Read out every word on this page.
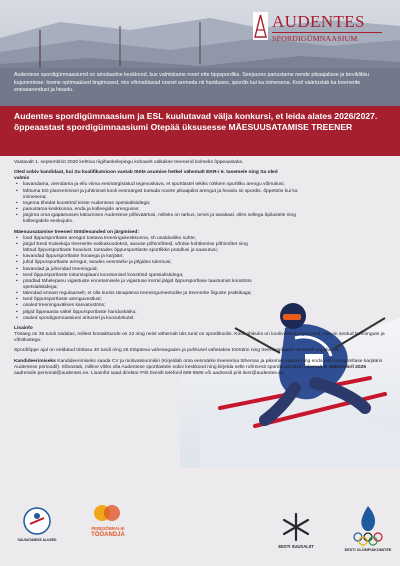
Audentese spordigümnaasiumil on ainulaadne keskkond, kus valmistame noori ette tippspordiks. Seejuures panustame nende pikaajalisse ja terviklikku kujunemisse: loome optimaalsed tingimused, mis võimaldavad noorel areneda nii hariduses, spordis kui ka inimesena. Kool väärtustab ka treenerite enesearendust ja heaolu.

AUDENTES
SPORDIGÜMNAASIUM
Audentes spordigümnaasium ja ESL kuulutavad välja konkursi, et leida alates 2026/2027. õppeaastast spordigümnaasiumi Otepää üksusesse MÄESUUSATAMISE TREENER

Vastavalt 1. septembrist 2020 kehtiva riigihankelepingu kohaselt valitakse treenerid kolmeks õppeaastaks.

Oled sobiv kandidaat, kui Su kvalifikatsioon vastab tööle asumise hetkel vähemalt EKR-i 6. tasemele ning Sa oled valmis
• kavandama, arendama ja ellu viima eesmärgistatud tegevuskava, et sportlastel tekiks rohkem sportliku arengu võimalusi;
• lähtuma töö planeerimisel ja juhtimisel kooli eesmärgist toetada noorte pikaajalist arengut ja heaolu nii spordis, õppetöös kui ka inimesena;
• tegema tihedat koostööd teiste Audentese spetsialistidega;
• panustama keskkonna, enda ja kolleegide arengusse;
• järgima oma igapäevases käitumises Audentese põhiväärtusi, milleks on tarkus, tervis ja tasakaal, olles sellega õpilastele ning kolleegidele eeskujuks.
Mäesuusatamise treeneri tööülesanded on järgmised:
• lood õppursportlaste arengut toetava treeningukeskkonna, sh usaldusliku suhte;
• järgid Eesti Kutsekoja treenerite eetikakoodeksit, aususe põhimõtteid, võrdse kohtlemise põhimõtet ning lähtud õppursportlaste heaolust, toetades õppursportlaste sportlikke püüdlusi ja saavutusi;
• kavandad õppursportlaste hooaega ja karjääri;
• juhid õppursportlaste arengut, seades eesmärke ja jälgides tulemusi;
• kavandad ja juhendad treeninguid;
• teed õppursportlaste toitumisplaani koostamisel koostööd spetsialistidega;
• püüdlad tähelepanu vigastuste ennetamisele ja vigastuse korral jälgid õppursportlase taastumist koostöös spetsialistidega;
• täiendad ennast regulaarselt, et olla kursis tänapäeva treeningumeetodite ja treenerite õiguste praktikaga;
• teed õppursportlaste arenguvestlusi;
• osaled treeninguvälises kasvatustöös;
• jälgid õppeaasta vältel õppursportlaste hariduskäiku;
• osaled spordigümnaasiumi üritustel ja koosolekutel.
Lisainfo

Tööaeg on 35 tundi nädalas, millest kontakttunde on 22 ning neist vähemalt üks tund on spordikoolis. Kooli ühikuks on koolivälised tegevused, mis on seotud treeningute ja võistlustega.

Spordiõppe ajal on eeldatud töötasu 40 tundi ning 25 tööpäeva vaheaegades ja puhkusel vahetakse töörütmi ning treeningplaane vastavalt vajadusele.

Kandideerimiseks Kandideerimiseks saada CV ja motivatsioonikiri (Kirjeldab oma eesmärke treenerina tühemas ja pikemas vaates ning enda rolli noorsportlase karjääris Audentese perioodil). Sõnastab, milline võiks olla Audentese sportlastele sobiv keskkond ning kirjelda selle rolli Eesti spordimaastikul) hiljemalt 5. detsembril 2025 aadressile personal@audentes.ee. Lisainfot saad direktor Priit Ilvesilt telefonil 699 6586 või aadressil priit.ilver@audentes.ee.

SUUSATAMISE ALUSED
PERESÕBRALIK
TÖÖANDJA
EESTI SUUSALIIT
EESTI OLÜMPIAKOMITEE
